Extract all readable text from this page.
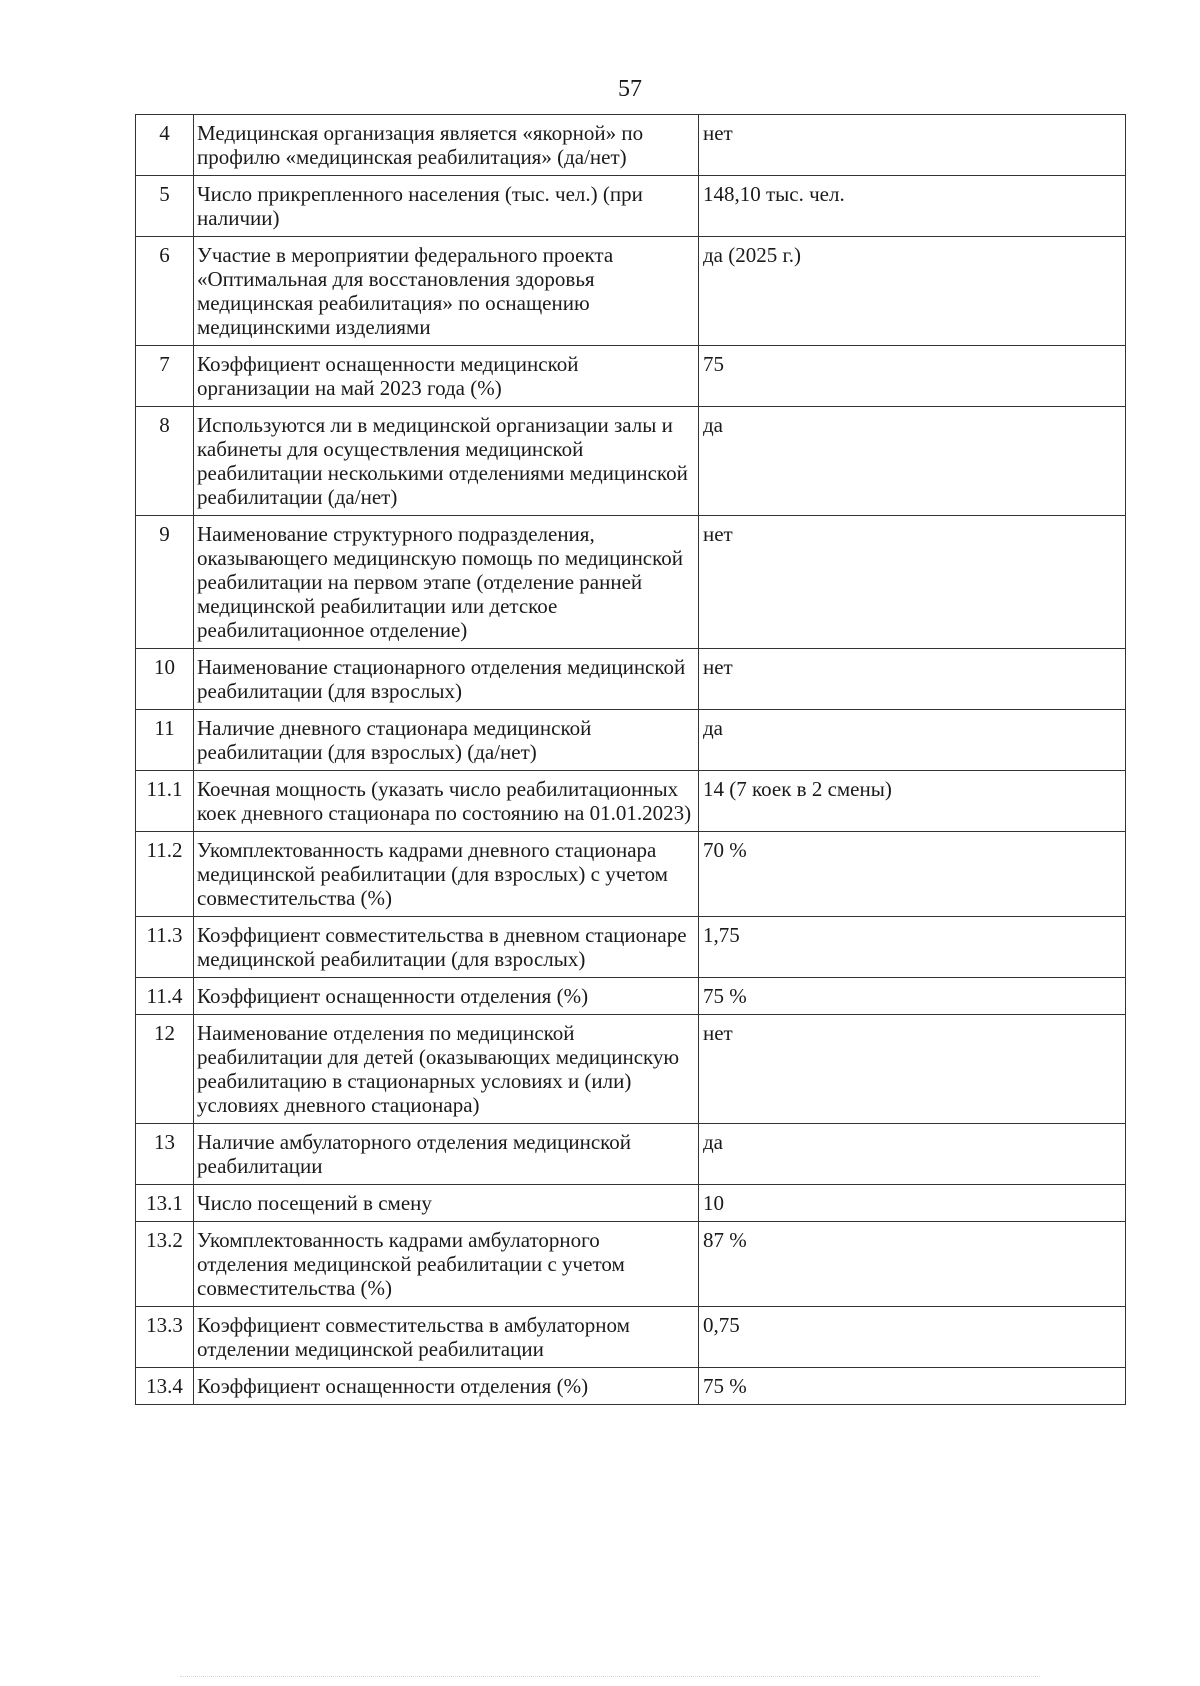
57
4	Медицинская организация является «якорной» по профилю «медицинская реабилитация» (да/нет)	нет
5	Число прикрепленного населения (тыс. чел.) (при наличии)	148,10 тыс. чел.
6	Участие в мероприятии федерального проекта «Оптимальная для восстановления здоровья медицинская реабилитация» по оснащению медицинскими изделиями	да (2025 г.)
7	Коэффициент оснащенности медицинской организации на май 2023 года (%)	75
8	Используются ли в медицинской организации залы и кабинеты для осуществления медицинской реабилитации несколькими отделениями медицинской реабилитации (да/нет)	да
9	Наименование структурного подразделения, оказывающего медицинскую помощь по медицинской реабилитации на первом этапе (отделение ранней медицинской реабилитации или детское реабилитационное отделение)	нет
10	Наименование стационарного отделения медицинской реабилитации (для взрослых)	нет
11	Наличие дневного стационара медицинской реабилитации (для взрослых) (да/нет)	да
11.1	Коечная мощность (указать число реабилитационных коек дневного стационара по состоянию на 01.01.2023)	14 (7 коек в 2 смены)
11.2	Укомплектованность кадрами дневного стационара медицинской реабилитации (для взрослых) с учетом совместительства (%)	70 %
11.3	Коэффициент совместительства в дневном стационаре медицинской реабилитации (для взрослых)	1,75
11.4	Коэффициент оснащенности отделения (%)	75 %
12	Наименование отделения по медицинской реабилитации для детей (оказывающих медицинскую реабилитацию в стационарных условиях и (или) условиях дневного стационара)	нет
13	Наличие амбулаторного отделения медицинской реабилитации	да
13.1	Число посещений в смену	10
13.2	Укомплектованность кадрами амбулаторного отделения медицинской реабилитации с учетом совместительства (%)	87 %
13.3	Коэффициент совместительства в амбулаторном отделении медицинской реабилитации	0,75
13.4	Коэффициент оснащенности отделения (%)	75 %
